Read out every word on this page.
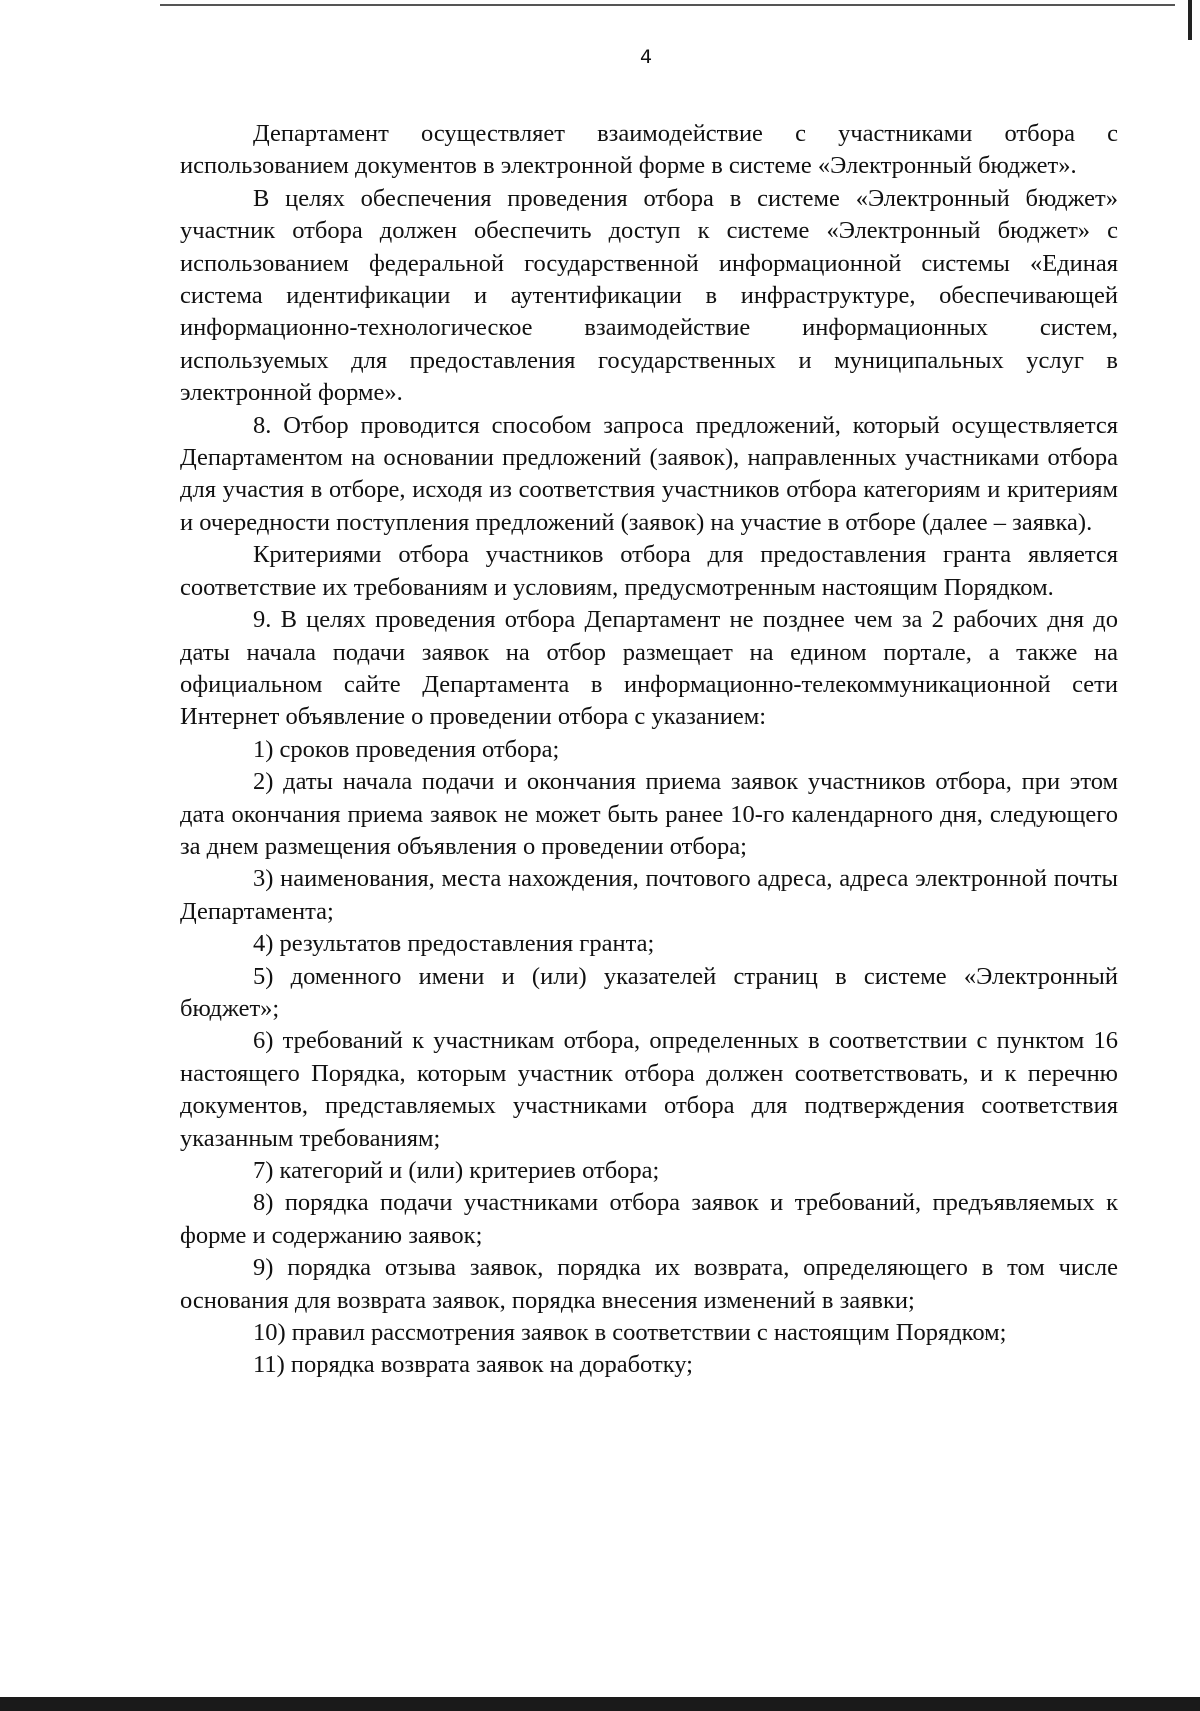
4

Департамент осуществляет взаимодействие с участниками отбора с использованием документов в электронной форме в системе «Электронный бюджет».

В целях обеспечения проведения отбора в системе «Электронный бюджет» участник отбора должен обеспечить доступ к системе «Электронный бюджет» с использованием федеральной государственной информационной системы «Единая система идентификации и аутентификации в инфраструктуре, обеспечивающей информационно-технологическое взаимодействие информационных систем, используемых для предоставления государственных и муниципальных услуг в электронной форме».

8. Отбор проводится способом запроса предложений, который осуществляется Департаментом на основании предложений (заявок), направленных участниками отбора для участия в отборе, исходя из соответствия участников отбора категориям и критериям и очередности поступления предложений (заявок) на участие в отборе (далее – заявка).

Критериями отбора участников отбора для предоставления гранта является соответствие их требованиям и условиям, предусмотренным настоящим Порядком.

9. В целях проведения отбора Департамент не позднее чем за 2 рабочих дня до даты начала подачи заявок на отбор размещает на едином портале, а также на официальном сайте Департамента в информационно-телекоммуникационной сети Интернет объявление о проведении отбора с указанием:

1) сроков проведения отбора;

2) даты начала подачи и окончания приема заявок участников отбора, при этом дата окончания приема заявок не может быть ранее 10-го календарного дня, следующего за днем размещения объявления о проведении отбора;

3) наименования, места нахождения, почтового адреса, адреса электронной почты Департамента;

4) результатов предоставления гранта;

5) доменного имени и (или) указателей страниц в системе «Электронный бюджет»;

6) требований к участникам отбора, определенных в соответствии с пунктом 16 настоящего Порядка, которым участник отбора должен соответствовать, и к перечню документов, представляемых участниками отбора для подтверждения соответствия указанным требованиям;

7) категорий и (или) критериев отбора;

8) порядка подачи участниками отбора заявок и требований, предъявляемых к форме и содержанию заявок;

9) порядка отзыва заявок, порядка их возврата, определяющего в том числе основания для возврата заявок, порядка внесения изменений в заявки;

10) правил рассмотрения заявок в соответствии с настоящим Порядком;

11) порядка возврата заявок на доработку;
